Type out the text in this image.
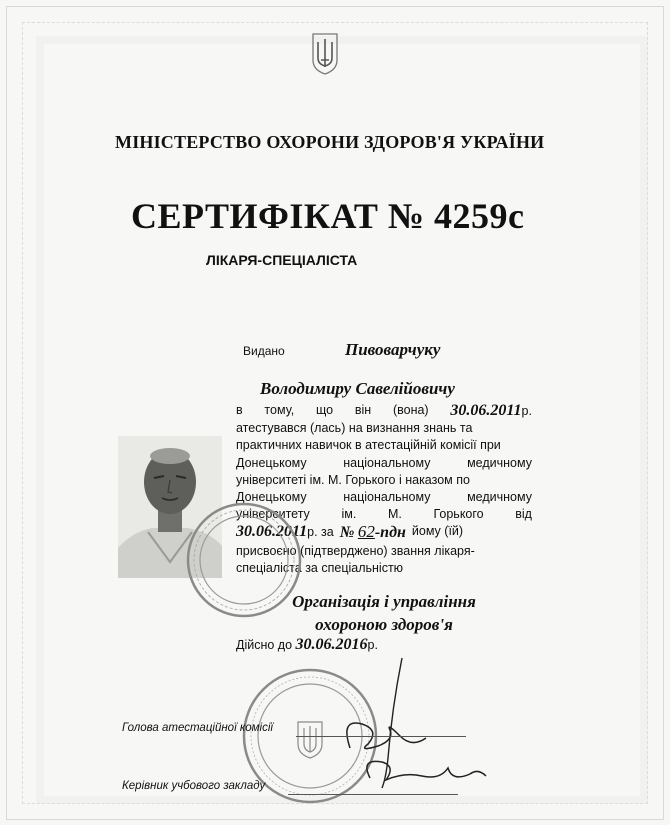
МІНІСТЕРСТВО ОХОРОНИ ЗДОРОВ'Я УКРАЇНИ
СЕРТИФІКАТ № 4259с
ЛІКАРЯ-СПЕЦІАЛІСТА
Видано	Пивоварчуку
Володимиру Савелійовичу
в тому, що він (вона) 30.06.2011р.
атестувався (лась) на визнання знань та
практичних навичок в атестаційній комісії при
Донецькому	національному	медичному
університеті ім. М. Горького і наказом по
Донецькому	національному	медичному
університету	ім.	М.	Горького	від
30.06.2011р. за № 62-пдн йому (їй)
присвоєно (підтверджено) звання лікаря-
спеціаліста за спеціальністю
Організація і управління
охороною здоров'я
Дійсно до 30.06.2016р.
Голова атестаційної комісії
Керівник учбового закладу
